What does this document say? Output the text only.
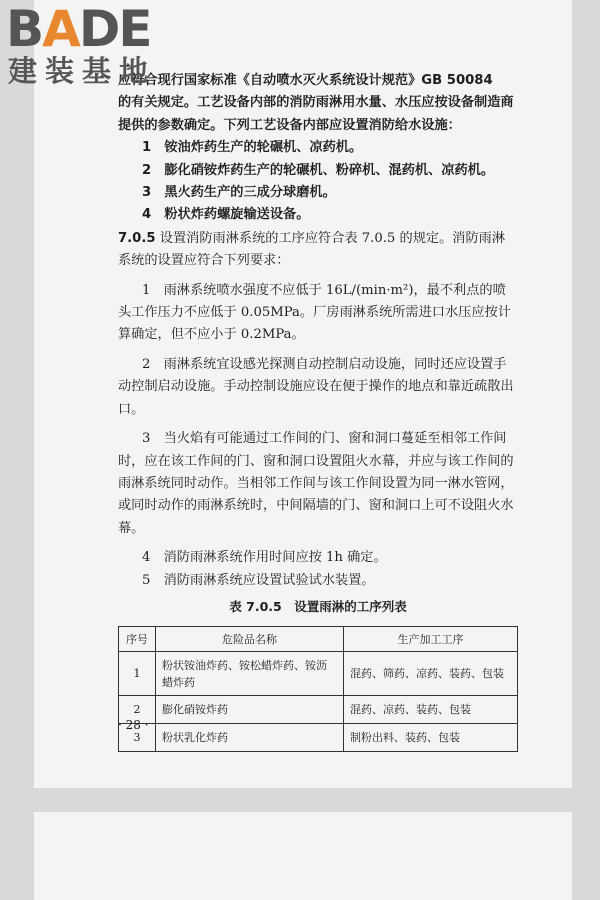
B A DE
建装基地

应符合现行国家标准《自动喷水灭火系统设计规范》GB 50084

的有关规定。工艺设备内部的消防雨淋用水量、水压应按设备制造商提供的参数确定。下列工艺设备内部应设置消防给水设施：

1　铵油炸药生产的轮碾机、凉药机。

2　膨化硝铵炸药生产的轮碾机、粉碎机、混药机、凉药机。

3　黑火药生产的三成分球磨机。

4　粉状炸药螺旋输送设备。

7.0.5 设置消防雨淋系统的工序应符合表 7.0.5 的规定。消防雨淋系统的设置应符合下列要求：

1　雨淋系统喷水强度不应低于 16L/(min·m²)，最不利点的喷头工作压力不应低于 0.05MPa。厂房雨淋系统所需进口水压应按计算确定，但不应小于 0.2MPa。

2　雨淋系统宜设感光探测自动控制启动设施，同时还应设置手动控制启动设施。手动控制设施应设在便于操作的地点和靠近疏散出口。

3　当火焰有可能通过工作间的门、窗和洞口蔓延至相邻工作间时，应在该工作间的门、窗和洞口设置阻火水幕，并应与该工作间的雨淋系统同时动作。当相邻工作间与该工作间设置为同一淋水管网，或同时动作的雨淋系统时，中间隔墙的门、窗和洞口上可不设阻火水幕。

4　消防雨淋系统作用时间应按 1h 确定。

5　消防雨淋系统应设置试验试水装置。

表 7.0.5　设置雨淋的工序列表
序号	危险品名称	生产加工工序
1	粉状铵油炸药、铵松蜡炸药、铵沥蜡炸药	混药、筛药、凉药、装药、包装
2	膨化硝铵炸药	混药、凉药、装药、包装
3	粉状乳化炸药	制粉出料、装药、包装
· 28 ·
